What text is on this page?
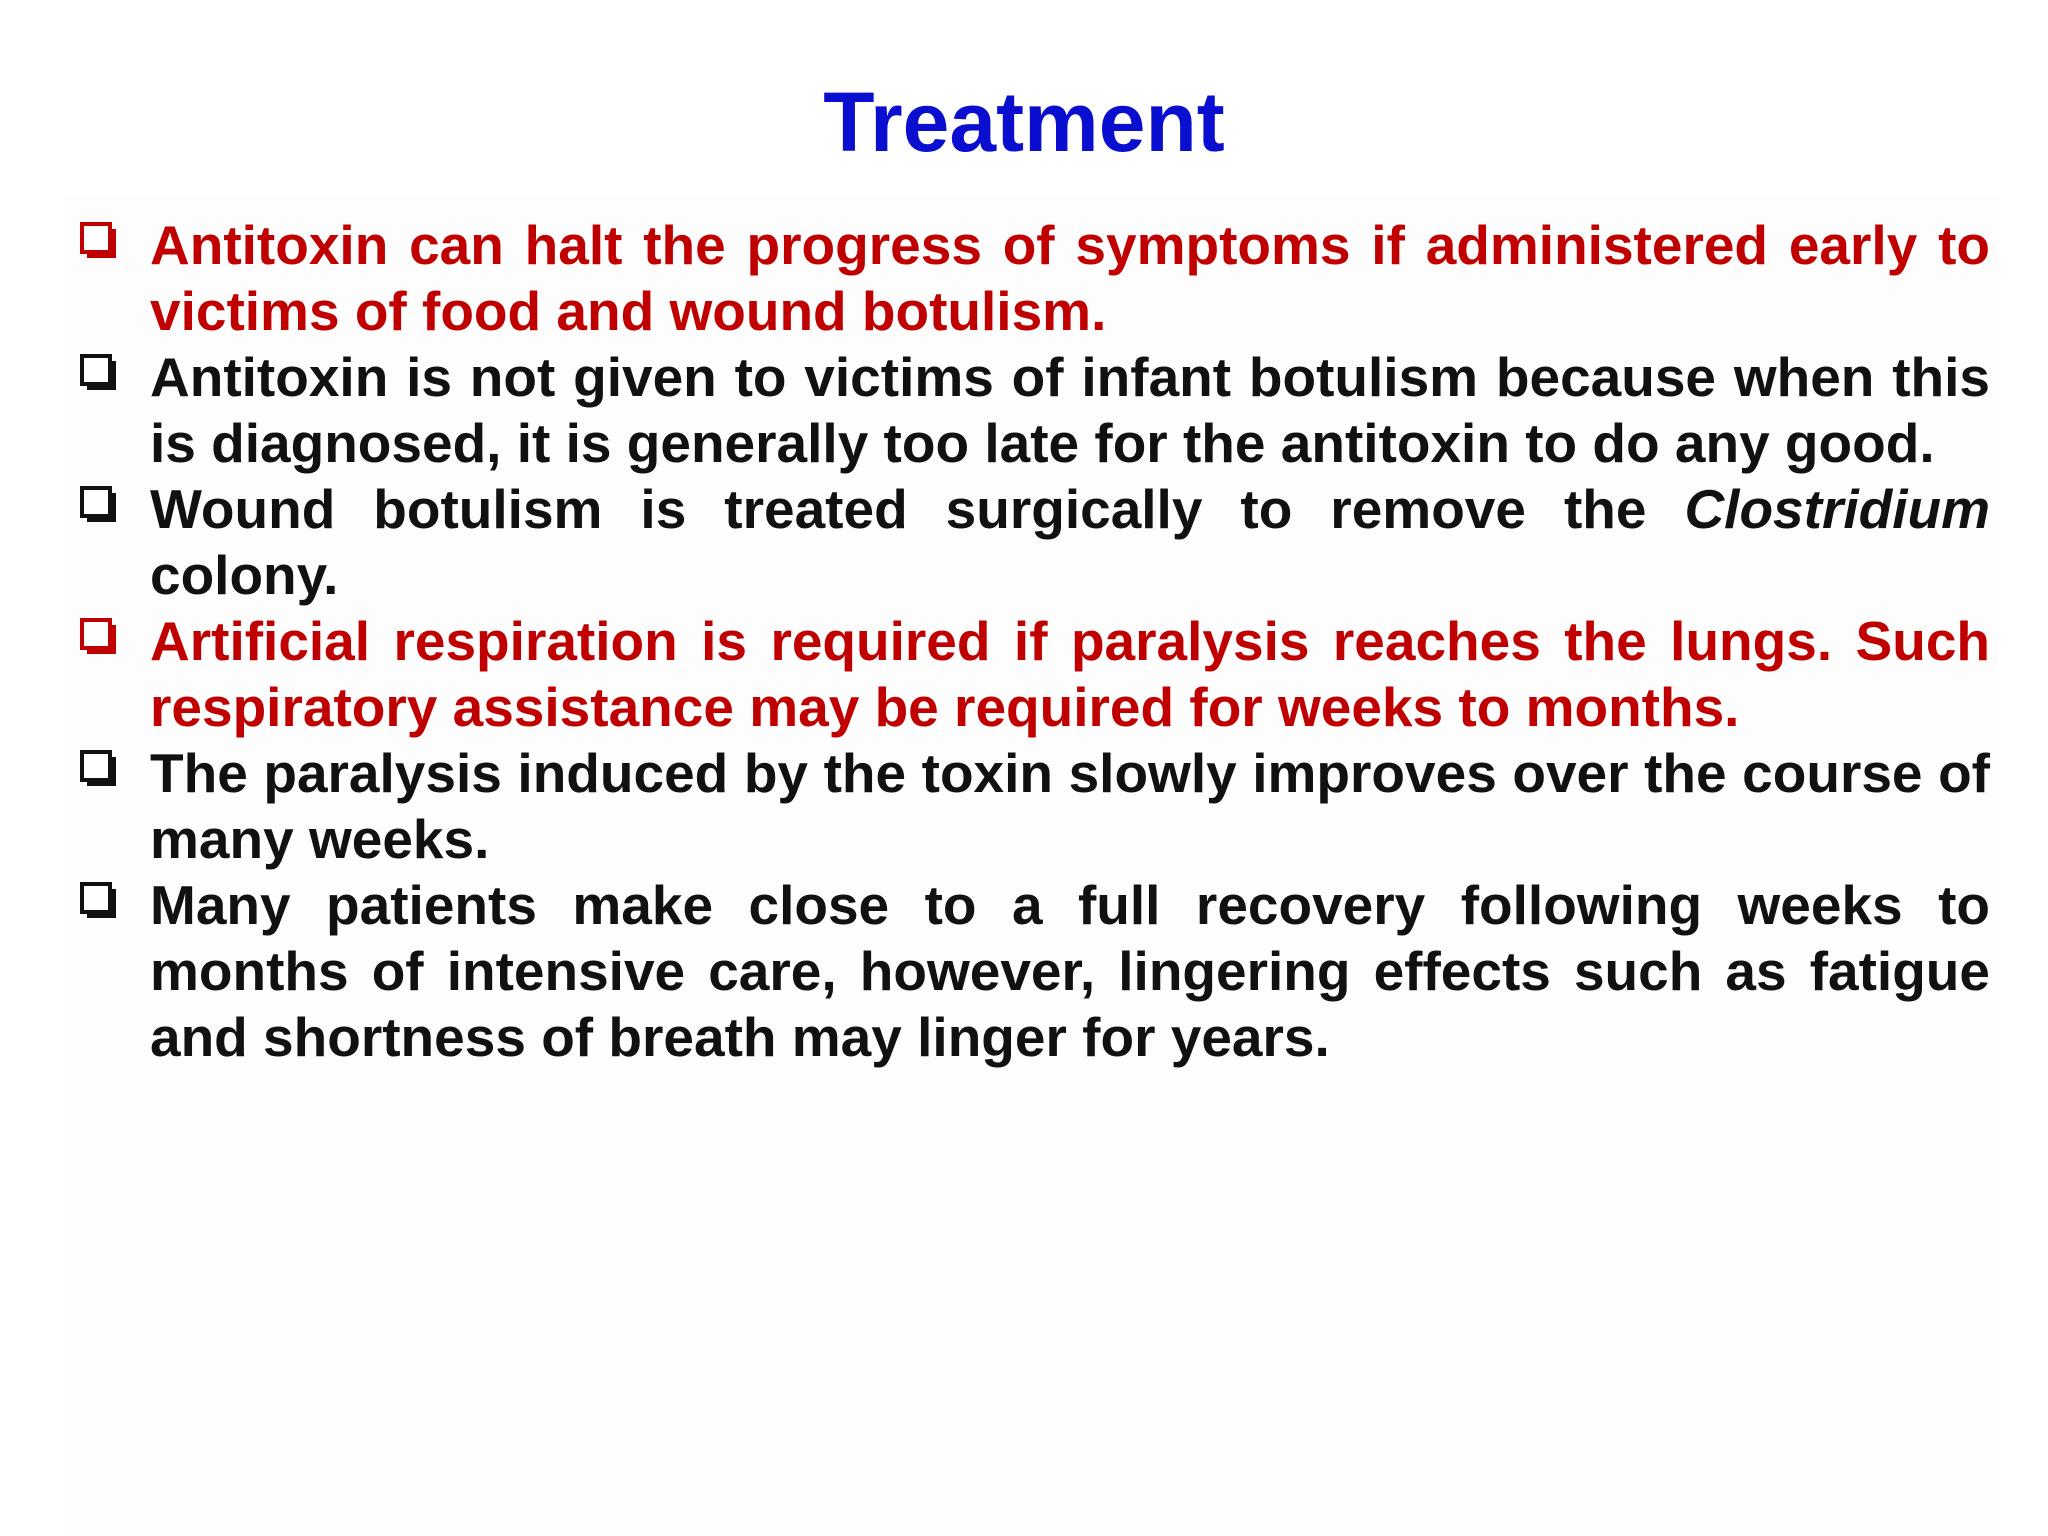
Treatment
Antitoxin can halt the progress of symptoms if administered early to victims of food and wound botulism.
Antitoxin is not given to victims of infant botulism because when this is diagnosed, it is generally too late for the antitoxin to do any good.
Wound botulism is treated surgically to remove the Clostridium colony.
Artificial respiration is required if paralysis reaches the lungs. Such respiratory assistance may be required for weeks to months.
The paralysis induced by the toxin slowly improves over the course of many weeks.
Many patients make close to a full recovery following weeks to months of intensive care, however, lingering effects such as fatigue and shortness of breath may linger for years.
